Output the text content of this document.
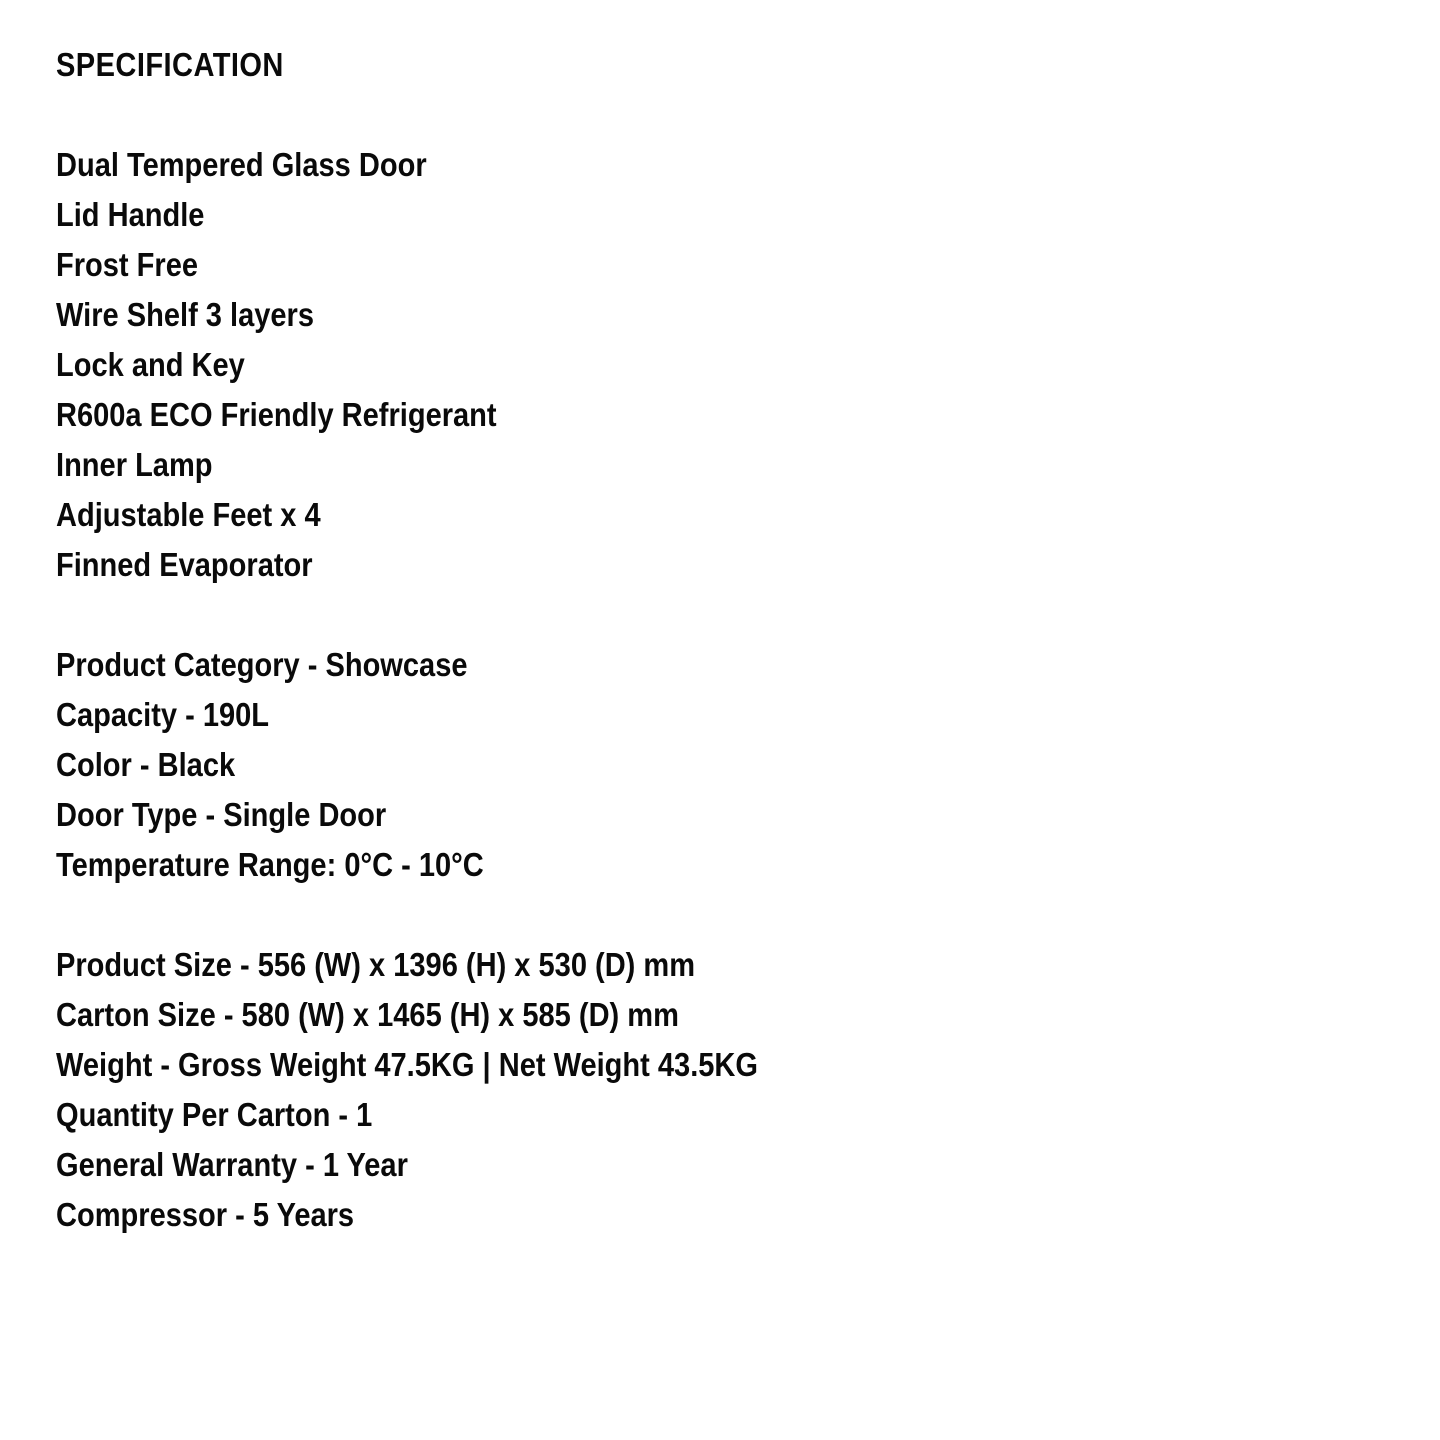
SPECIFICATION
Dual Tempered Glass Door
Lid Handle
Frost Free
Wire Shelf 3 layers
Lock and Key
R600a ECO Friendly Refrigerant
Inner Lamp
Adjustable Feet x 4
Finned Evaporator
Product Category - Showcase
Capacity - 190L
Color - Black
Door Type - Single Door
Temperature Range: 0°C - 10°C
Product Size - 556 (W) x 1396 (H) x 530 (D) mm
Carton Size - 580 (W) x 1465 (H) x 585 (D) mm
Weight - Gross Weight 47.5KG | Net Weight 43.5KG
Quantity Per Carton - 1
General Warranty - 1 Year
Compressor - 5 Years
